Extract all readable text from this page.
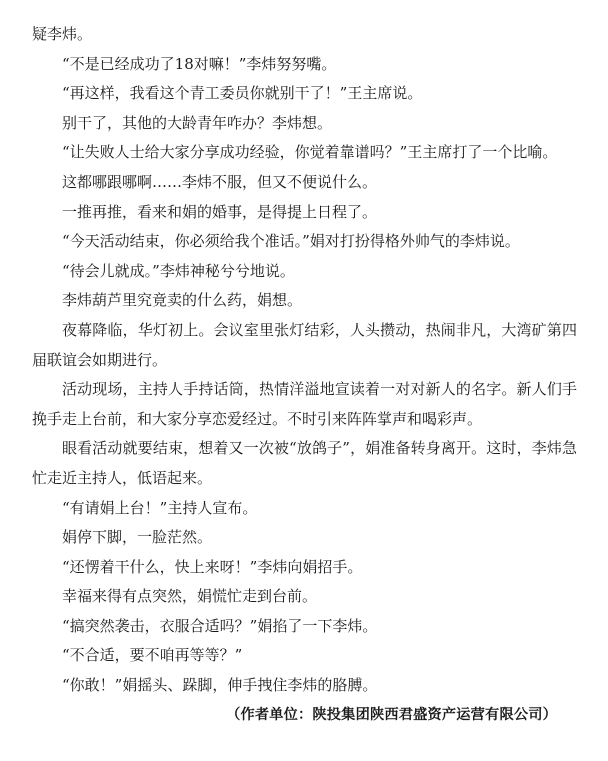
疑李炜。

“不是已经成功了18对嘛！”李炜努努嘴。

“再这样，我看这个青工委员你就别干了！”王主席说。

别干了，其他的大龄青年咋办？李炜想。

“让失败人士给大家分享成功经验，你觉着靠谱吗？”王主席打了一个比喻。

这都哪跟哪啊……李炜不服，但又不便说什么。

一推再推，看来和娟的婚事，是得提上日程了。

“今天活动结束，你必须给我个准话。”娟对打扮得格外帅气的李炜说。

“待会儿就成。”李炜神秘兮兮地说。

李炜葫芦里究竟卖的什么药，娟想。

夜幕降临，华灯初上。会议室里张灯结彩，人头攒动，热闹非凡，大湾矿第四届联谊会如期进行。

活动现场，主持人手持话筒，热情洋溢地宣读着一对对新人的名字。新人们手挽手走上台前，和大家分享恋爱经过。不时引来阵阵掌声和喝彩声。

眼看活动就要结束，想着又一次被“放鸽子”，娟准备转身离开。这时，李炜急忙走近主持人，低语起来。

“有请娟上台！”主持人宣布。

娟停下脚，一脸茫然。

“还愣着干什么，快上来呀！”李炜向娟招手。

幸福来得有点突然，娟慌忙走到台前。

“搞突然袭击，衣服合适吗？”娟掐了一下李炜。

“不合适，要不咱再等等？”

“你敢！”娟摇头、跺脚，伸手拽住李炜的胳膊。

（作者单位：陕投集团陕西君盛资产运营有限公司）
